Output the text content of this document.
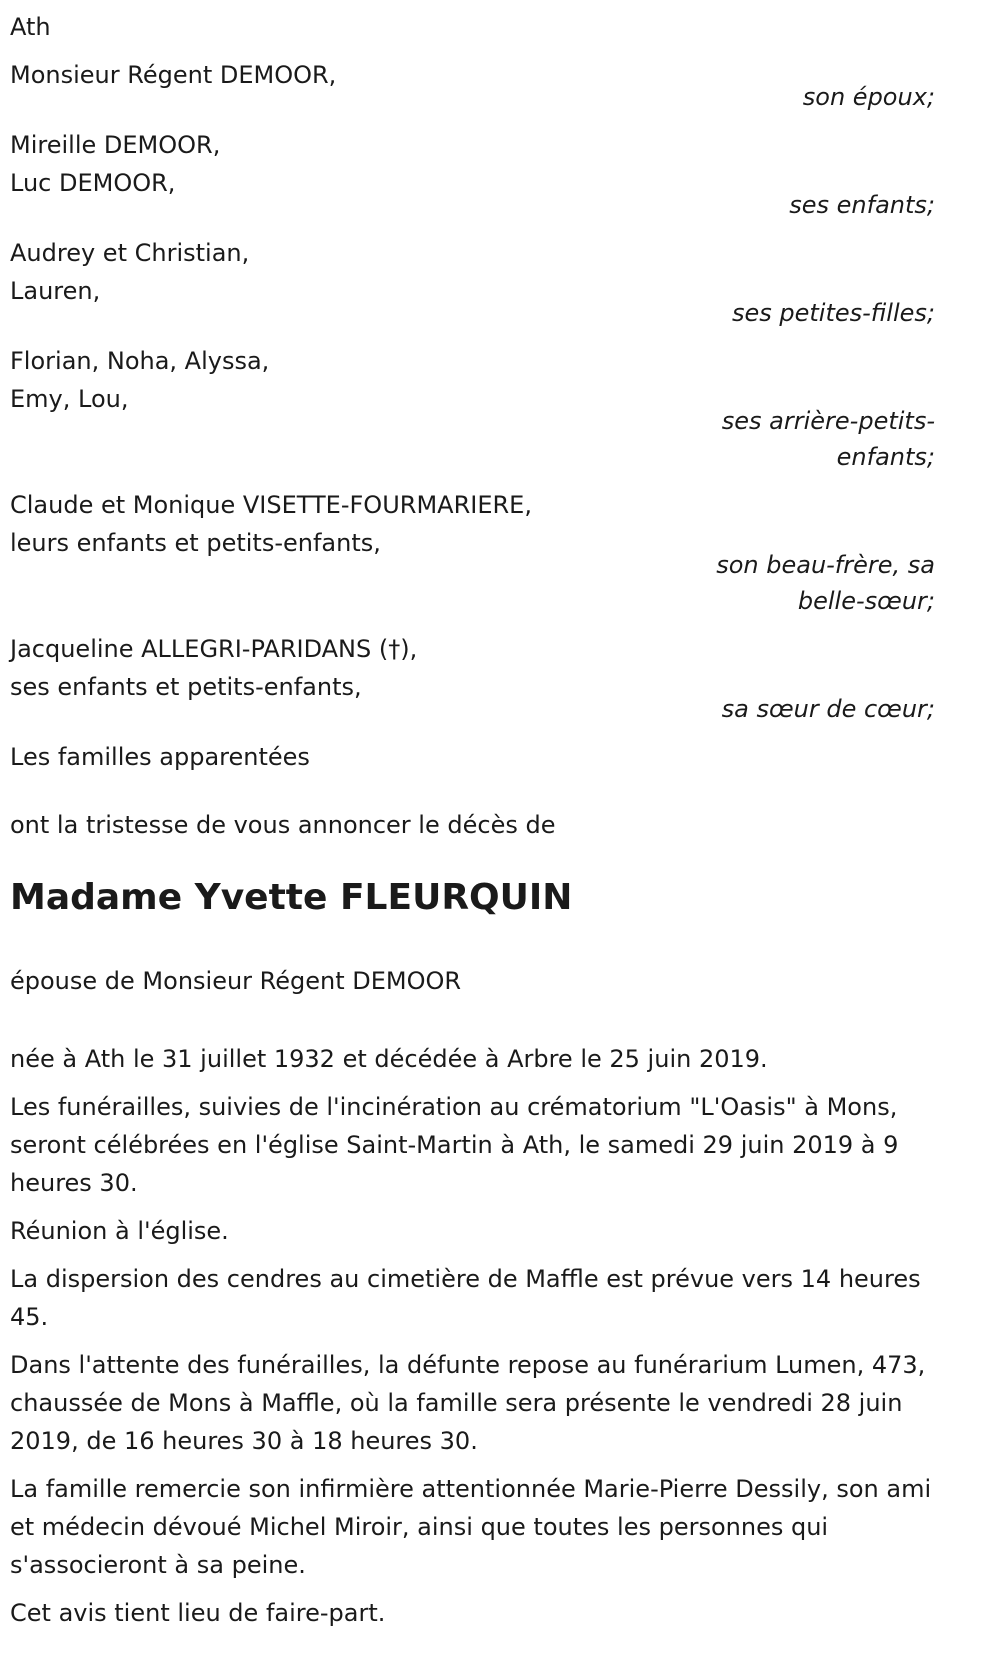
Ath

Monsieur Régent DEMOOR,

son époux;

Mireille DEMOOR,

Luc DEMOOR,

ses enfants;

Audrey et Christian,

Lauren,

ses petites-filles;

Florian, Noha, Alyssa,

Emy, Lou,

ses arrière-petits-

enfants;

Claude et Monique VISETTE-FOURMARIERE,

leurs enfants et petits-enfants,

son beau-frère, sa

belle-sœur;

Jacqueline ALLEGRI-PARIDANS (†),

ses enfants et petits-enfants,

sa sœur de cœur;

Les familles apparentées

ont la tristesse de vous annoncer le décès de

Madame Yvette FLEURQUIN

épouse de Monsieur Régent DEMOOR

née à Ath le 31 juillet 1932 et décédée à Arbre le 25 juin 2019.

Les funérailles, suivies de l'incinération au crématorium "L'Oasis" à Mons, seront célébrées en l'église Saint-Martin à Ath, le samedi 29 juin 2019 à 9 heures 30.

Réunion à l'église.

La dispersion des cendres au cimetière de Maffle est prévue vers 14 heures 45.

Dans l'attente des funérailles, la défunte repose au funérarium Lumen, 473, chaussée de Mons à Maffle, où la famille sera présente le vendredi 28 juin 2019, de 16 heures 30 à 18 heures 30.

La famille remercie son infirmière attentionnée Marie-Pierre Dessily, son ami et médecin dévoué Michel Miroir, ainsi que toutes les personnes qui s'associeront à sa peine.

Cet avis tient lieu de faire-part.
